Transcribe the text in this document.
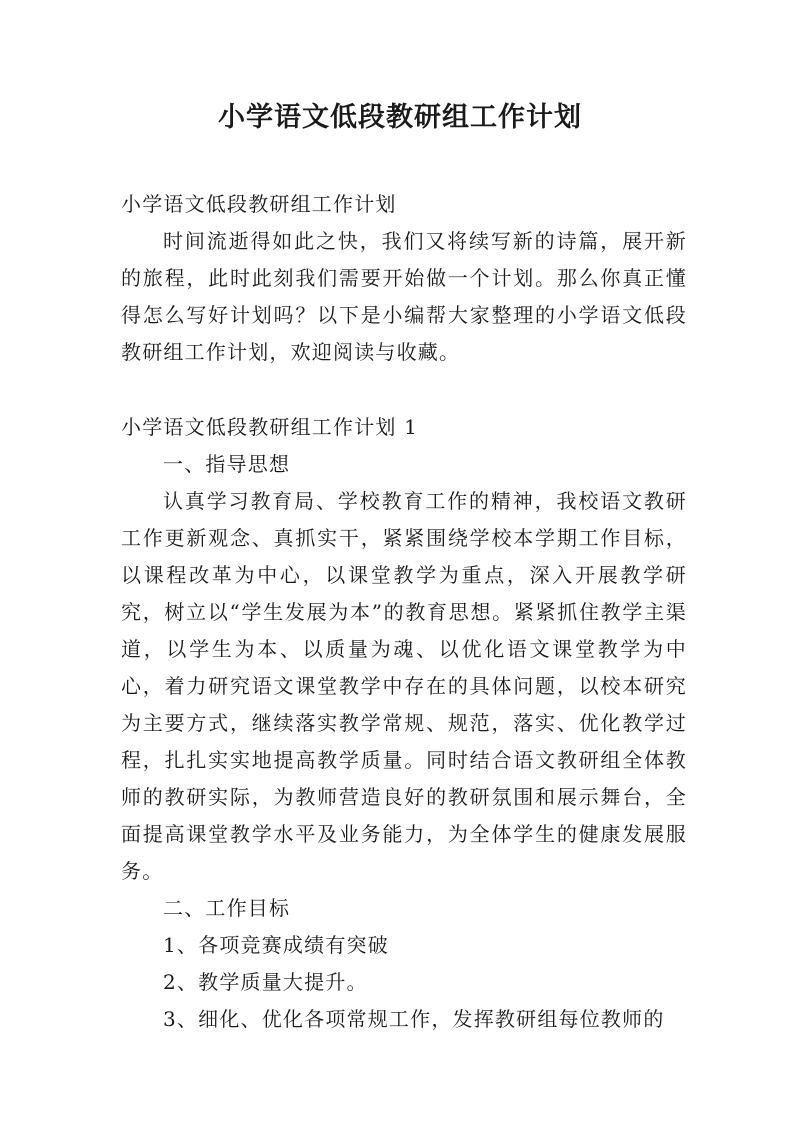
小学语文低段教研组工作计划
小学语文低段教研组工作计划
时间流逝得如此之快，我们又将续写新的诗篇，展开新的旅程，此时此刻我们需要开始做一个计划。那么你真正懂得怎么写好计划吗？以下是小编帮大家整理的小学语文低段教研组工作计划，欢迎阅读与收藏。
小学语文低段教研组工作计划 1
一、指导思想
认真学习教育局、学校教育工作的精神，我校语文教研工作更新观念、真抓实干，紧紧围绕学校本学期工作目标，以课程改革为中心，以课堂教学为重点，深入开展教学研究，树立以“学生发展为本”的教育思想。紧紧抓住教学主渠道，以学生为本、以质量为魂、以优化语文课堂教学为中心，着力研究语文课堂教学中存在的具体问题，以校本研究为主要方式，继续落实教学常规、规范，落实、优化教学过程，扎扎实实地提高教学质量。同时结合语文教研组全体教师的教研实际，为教师营造良好的教研氛围和展示舞台，全面提高课堂教学水平及业务能力，为全体学生的健康发展服务。
二、工作目标
1、各项竞赛成绩有突破
2、教学质量大提升。
3、细化、优化各项常规工作，发挥教研组每位教师的
